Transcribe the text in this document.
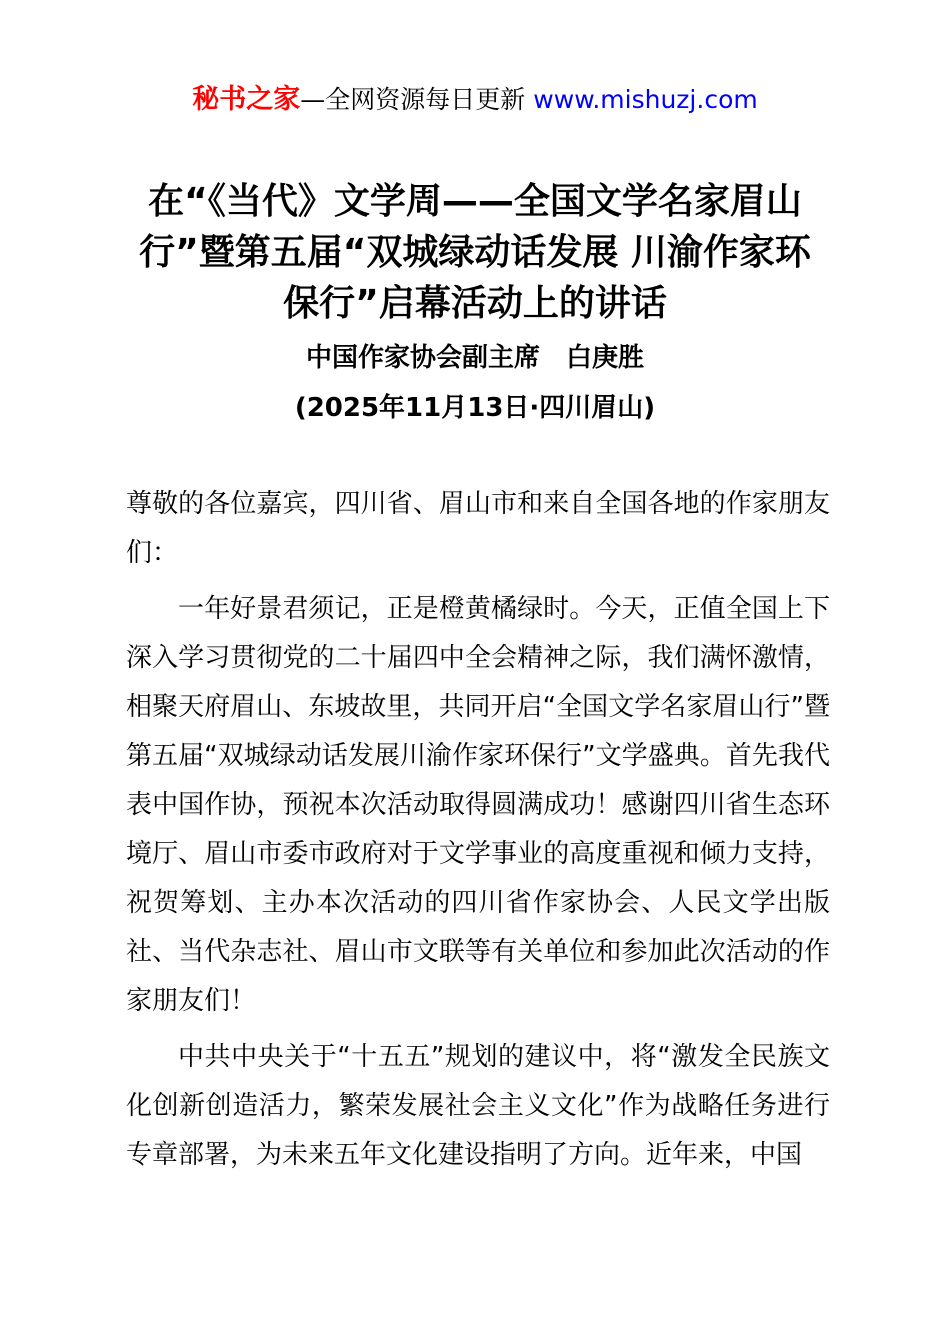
秘书之家—全网资源每日更新 www.mishuzj.com
在“《当代》文学周——全国文学名家眉山
行”暨第五届“双城绿动话发展 川渝作家环
保行”启幕活动上的讲话
中国作家协会副主席　白庚胜
(2025年11月13日·四川眉山)

尊敬的各位嘉宾，四川省、眉山市和来自全国各地的作家朋友们：

一年好景君须记，正是橙黄橘绿时。今天，正值全国上下深入学习贯彻党的二十届四中全会精神之际，我们满怀激情，相聚天府眉山、东坡故里，共同开启“全国文学名家眉山行”暨第五届“双城绿动话发展川渝作家环保行”文学盛典。首先我代表中国作协，预祝本次活动取得圆满成功！感谢四川省生态环境厅、眉山市委市政府对于文学事业的高度重视和倾力支持，祝贺筹划、主办本次活动的四川省作家协会、人民文学出版社、当代杂志社、眉山市文联等有关单位和参加此次活动的作家朋友们！

中共中央关于“十五五”规划的建议中，将“激发全民族文化创新创造活力，繁荣发展社会主义文化”作为战略任务进行专章部署，为未来五年文化建设指明了方向。近年来，中国
